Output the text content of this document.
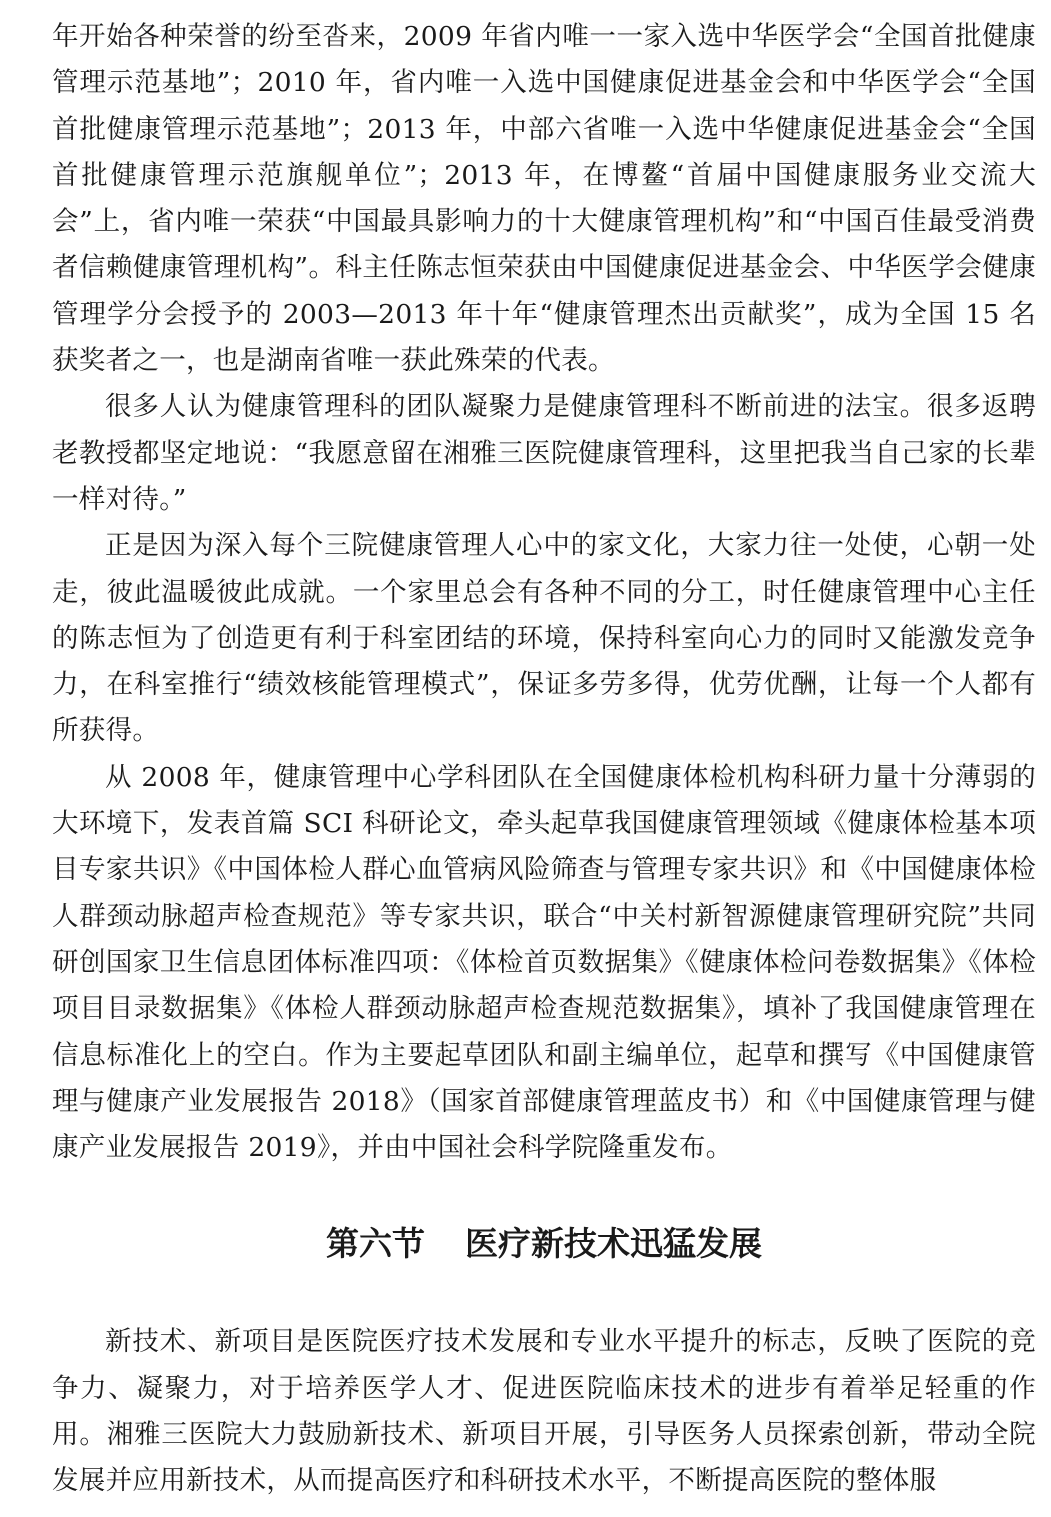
年开始各种荣誉的纷至沓来，2009 年省内唯一一家入选中华医学会“全国首批健康管理示范基地”；2010 年，省内唯一入选中国健康促进基金会和中华医学会“全国首批健康管理示范基地”；2013 年，中部六省唯一入选中华健康促进基金会“全国首批健康管理示范旗舰单位”；2013 年，在博鳌“首届中国健康服务业交流大会”上，省内唯一荣获“中国最具影响力的十大健康管理机构”和“中国百佳最受消费者信赖健康管理机构”。科主任陈志恒荣获由中国健康促进基金会、中华医学会健康管理学分会授予的 2003—2013 年十年“健康管理杰出贡献奖”，成为全国 15 名获奖者之一，也是湖南省唯一获此殊荣的代表。

很多人认为健康管理科的团队凝聚力是健康管理科不断前进的法宝。很多返聘老教授都坚定地说：“我愿意留在湘雅三医院健康管理科，这里把我当自己家的长辈一样对待。”

正是因为深入每个三院健康管理人心中的家文化，大家力往一处使，心朝一处走，彼此温暖彼此成就。一个家里总会有各种不同的分工，时任健康管理中心主任的陈志恒为了创造更有利于科室团结的环境，保持科室向心力的同时又能激发竞争力，在科室推行“绩效核能管理模式”，保证多劳多得，优劳优酬，让每一个人都有所获得。

从 2008 年，健康管理中心学科团队在全国健康体检机构科研力量十分薄弱的大环境下，发表首篇 SCI 科研论文，牵头起草我国健康管理领域《健康体检基本项目专家共识》《中国体检人群心血管病风险筛查与管理专家共识》和《中国健康体检人群颈动脉超声检查规范》等专家共识，联合“中关村新智源健康管理研究院”共同研创国家卫生信息团体标准四项：《体检首页数据集》《健康体检问卷数据集》《体检项目目录数据集》《体检人群颈动脉超声检查规范数据集》，填补了我国健康管理在信息标准化上的空白。作为主要起草团队和副主编单位，起草和撰写《中国健康管理与健康产业发展报告 2018》（国家首部健康管理蓝皮书）和《中国健康管理与健康产业发展报告 2019》，并由中国社会科学院隆重发布。

第六节 医疗新技术迅猛发展

新技术、新项目是医院医疗技术发展和专业水平提升的标志，反映了医院的竞争力、凝聚力，对于培养医学人才、促进医院临床技术的进步有着举足轻重的作用。湘雅三医院大力鼓励新技术、新项目开展，引导医务人员探索创新，带动全院发展并应用新技术，从而提高医疗和科研技术水平，不断提高医院的整体服
